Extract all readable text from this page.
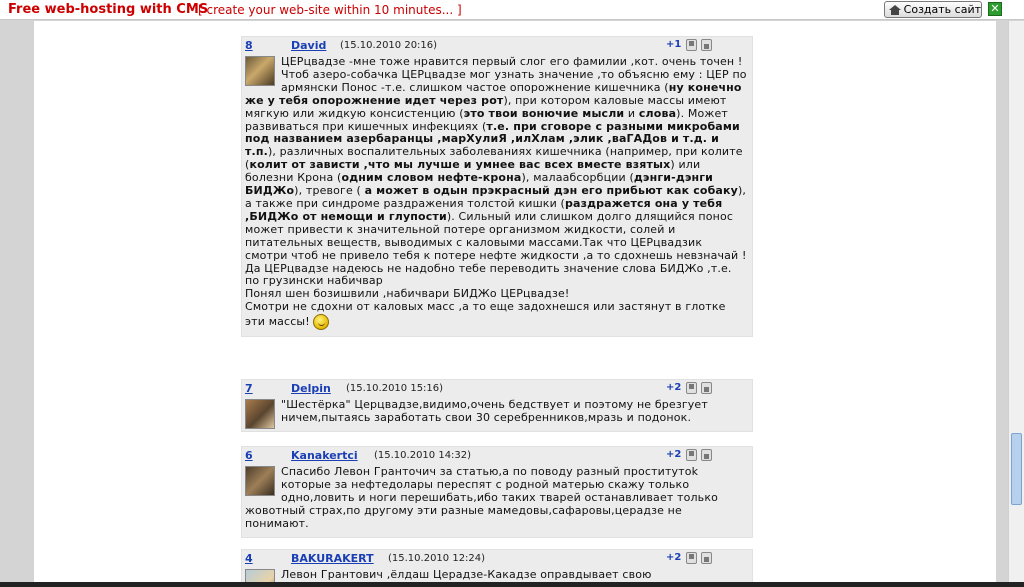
Free web-hosting with CMS
[ create your web-site within 10 minutes... ]	Создать сайт ✕
8	David (15.10.2010 20:16)	+1

ЦЕРцвадзе -мне тоже нравится первый слог его фамилии ,кот. очень точен !Чтоб азеро-собачка ЦЕРцвадзе мог узнать значение ,то объясню ему : ЦЕР по армянски Понос -т.е. слишком частое опорожнение кишечника (ну конечно же у тебя опорожнение идет через рот), при котором каловые массы имеют мягкую или жидкую консистенцию (это твои вонючие мысли и слова). Может развиваться при кишечных инфекциях (т.е. при сговоре с разными микробами под названием азербаранцы ,марХулиЯ ,илХлам ,элик ,ваГАДов и т.д. и т.п.), различных воспалительных заболеваниях кишечника (например, при колите (колит от зависти ,что мы лучше и умнее вас всех вместе взятых) или болезни Крона (одним словом нефте-крона), малаабсорбции (дэнги-дэнги БИДЖо), тревоге ( а может в одын прэкрасный дэн его прибьют как собаку), а также при синдроме раздражения толстой кишки (раздражется она у тебя ,БИДЖо от немощи и глупости). Сильный или слишком долго длящийся понос может привести к значительной потере организмом жидкости, солей и питательных веществ, выводимых с каловыми массами.Так что ЦЕРцвадзик смотри чтоб не привело тебя к потере нефте жидкости ,а то сдохнешь невзначай !
Да ЦЕРцвадзе надеюсь не надобно тебе переводить значение слова БИДЖо ,т.е. по грузински набичвар
Понял шен бозишвили ,набичвари БИДЖо ЦЕРцвадзе!
Смотри не сдохни от каловых масс ,а то еще задохнешся или застянут в глотке эти массы!

7	Delpin (15.10.2010 15:16)	+2

"Шестёрка" Церцвадзе,видимо,очень бедствует и поэтому не брезгует ничем,пытаясь заработать свои 30 серебренников,мразь и подонок.

6	Kanakertci (15.10.2010 14:32)	+2

Спасибо Левон Гранточич за статью,а по поводу разный проститутоk которые за нефтедолары переспят с родной матерью скажу только одно,ловить и ноги перешибать,ибо таких тварей останавливает только жовотный страх,по другому эти разные мамедовы,сафаровы,церадзе не понимают.

4	BAKURAKERT (15.10.2010 12:24)	+2

Левон Грантович ,ёлдаш Церадзе-Какадзе оправдывает свою
